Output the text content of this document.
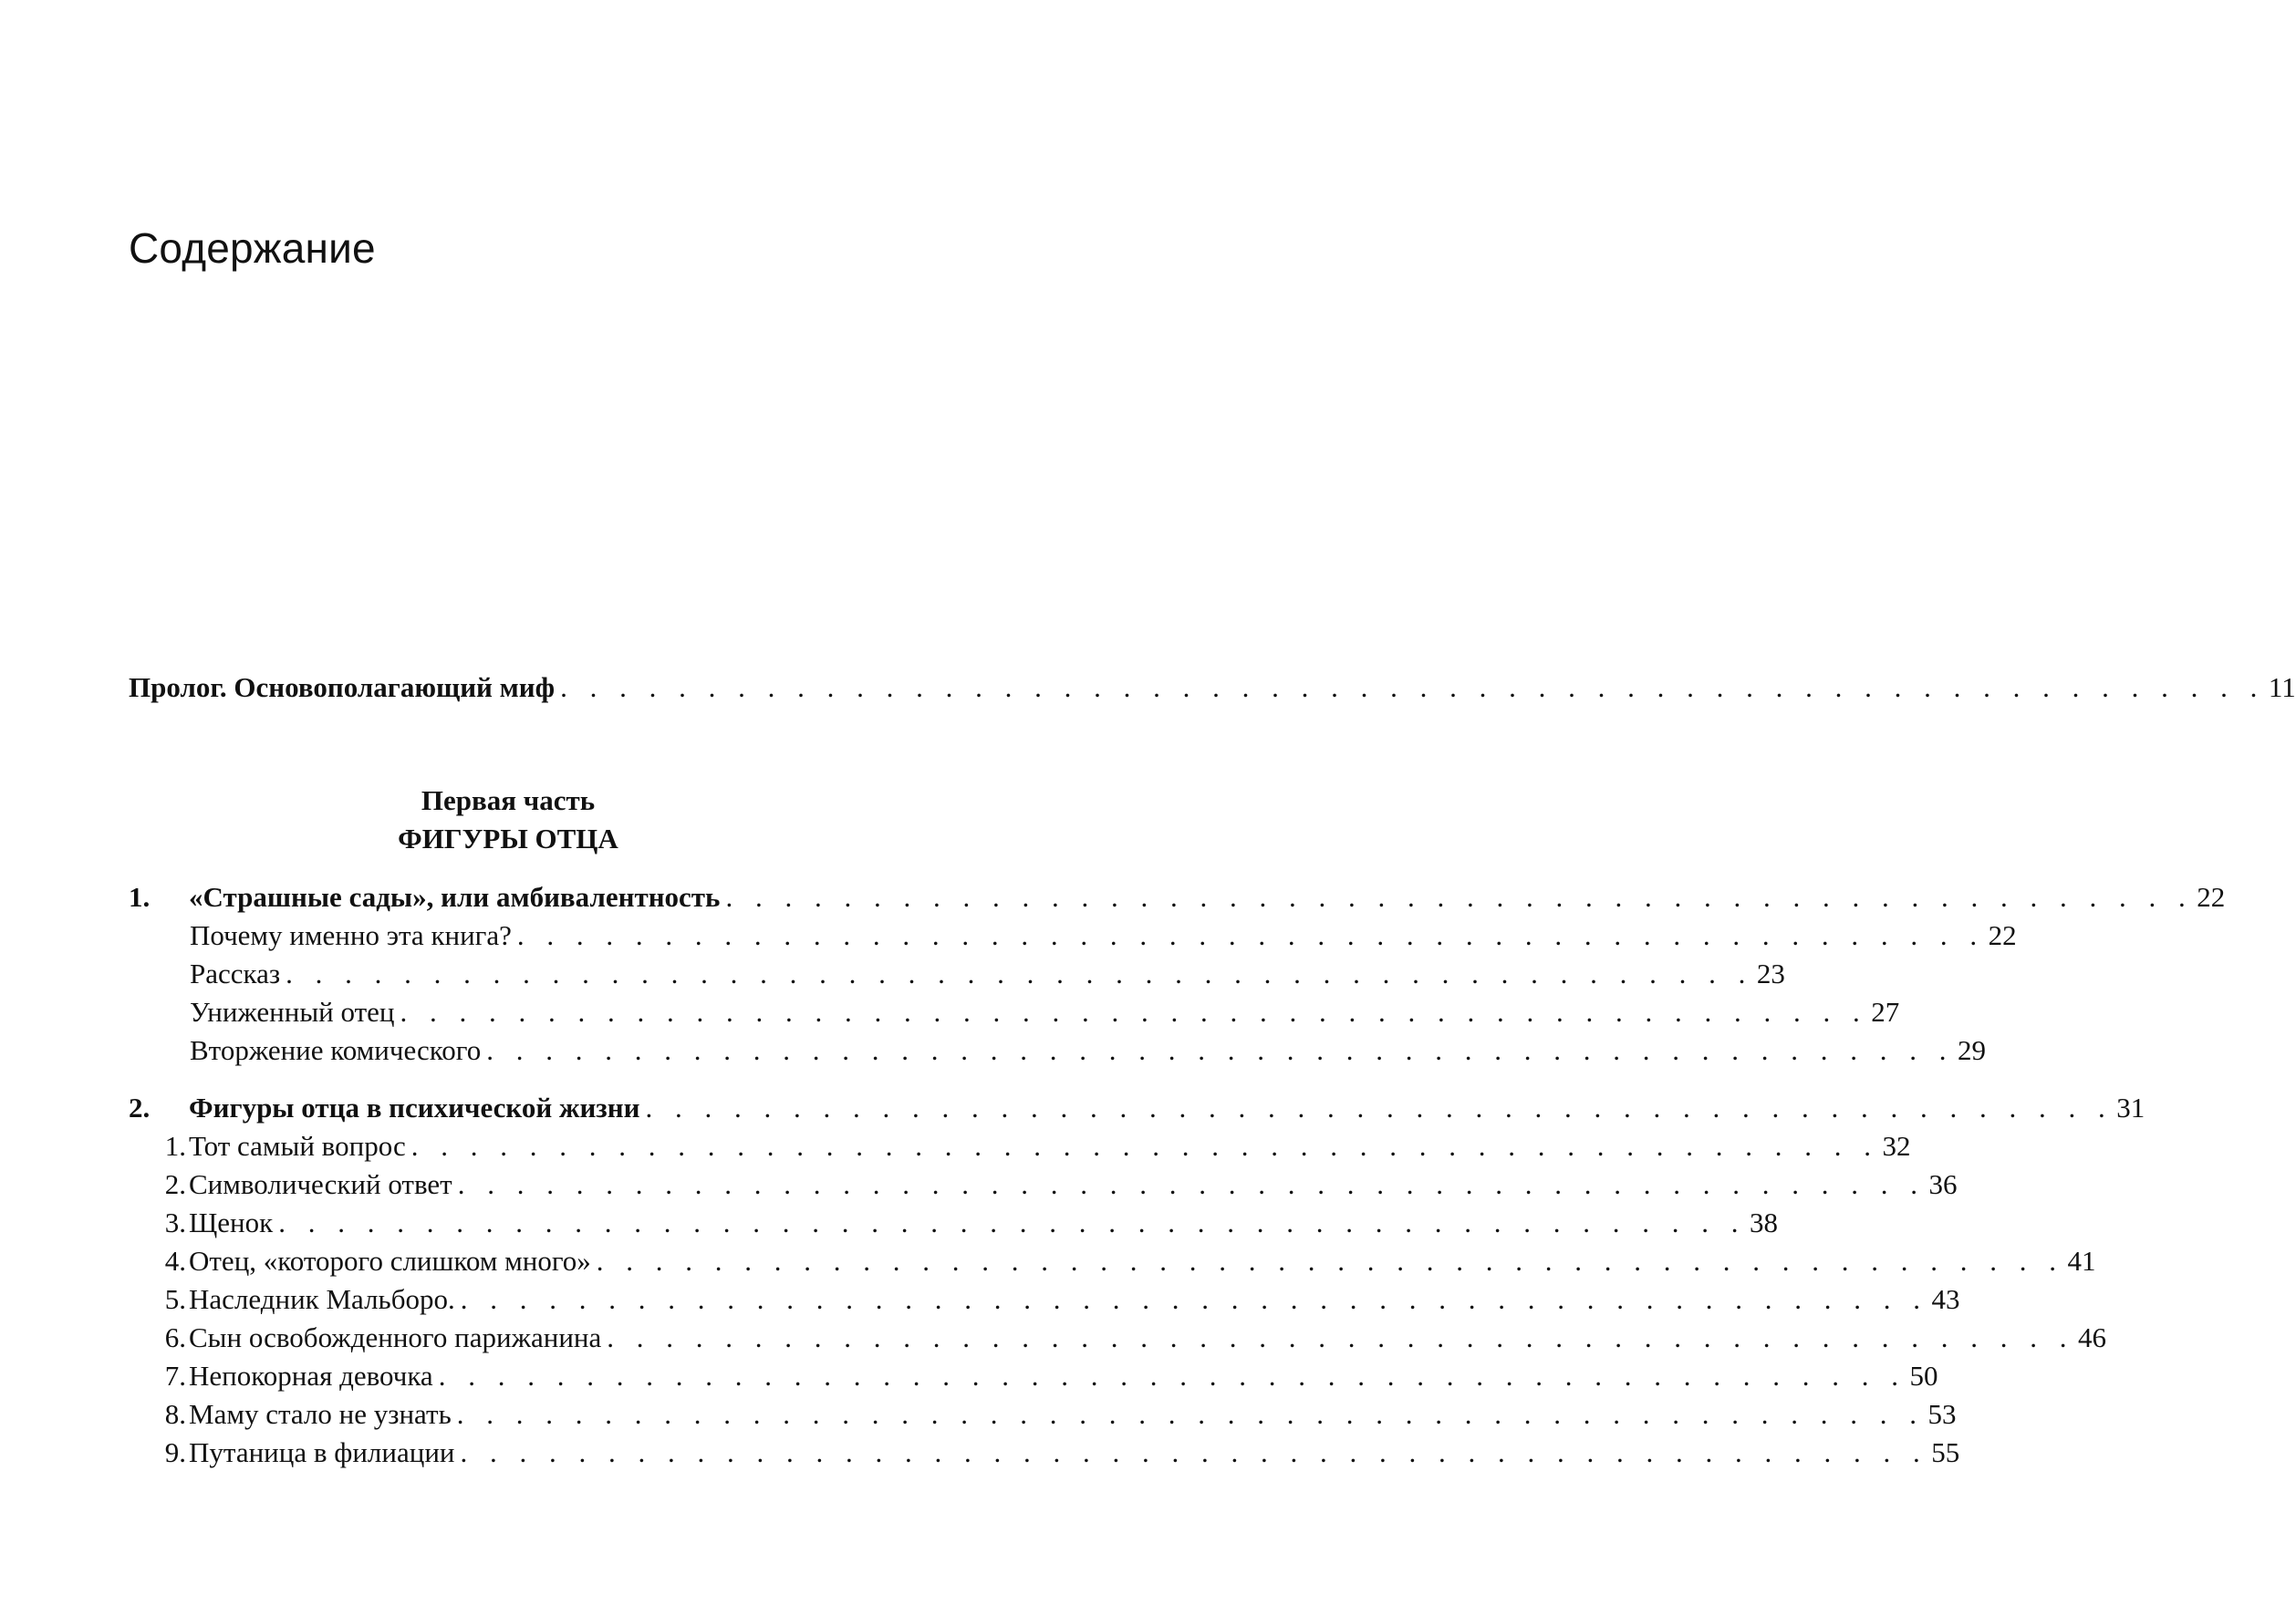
Содержание
Пролог. Основополагающий миф . . . . . . . . . . . . . . . . . . . . . . . . . . . . . . . . . . . . . . . . . . . . . . . . . . . . . . . . . . 11
Первая часть
ФИГУРЫ ОТЦА
1.	«Страшные сады», или амбивалентность . . . . . . . . . . . . . . . . . . . . . . . . . . . . . . . . . . . . . . . . . . . . . . . . . . 22
Почему именно эта книга? . . . . . . . . . . . . . . . . . . . . . . . . . . . . . . . . . . . . . . . . . . . . . . . . . . 22
Рассказ . . . . . . . . . . . . . . . . . . . . . . . . . . . . . . . . . . . . . . . . . . . . . . . . . . 23
Униженный отец . . . . . . . . . . . . . . . . . . . . . . . . . . . . . . . . . . . . . . . . . . . . . . . . . . 27
Вторжение комического . . . . . . . . . . . . . . . . . . . . . . . . . . . . . . . . . . . . . . . . . . . . . . . . . . 29
2.	Фигуры отца в психической жизни . . . . . . . . . . . . . . . . . . . . . . . . . . . . . . . . . . . . . . . . . . . . . . . . . . 31
1. Тот самый вопрос . . . . . . . . . . . . . . . . . . . . . . . . . . . . . . . . . . . . . . . . . . . . . . . . . . 32
2. Символический ответ . . . . . . . . . . . . . . . . . . . . . . . . . . . . . . . . . . . . . . . . . . . . . . . . . . 36
3. Щенок . . . . . . . . . . . . . . . . . . . . . . . . . . . . . . . . . . . . . . . . . . . . . . . . . . 38
4. Отец, «которого слишком много» . . . . . . . . . . . . . . . . . . . . . . . . . . . . . . . . . . . . . . . . . . . . . . . . . . 41
5. Наследник Мальборо. . . . . . . . . . . . . . . . . . . . . . . . . . . . . . . . . . . . . . . . . . . . . . . . . . . 43
6. Сын освобожденного парижанина . . . . . . . . . . . . . . . . . . . . . . . . . . . . . . . . . . . . . . . . . . . . . . . . . . 46
7. Непокорная девочка . . . . . . . . . . . . . . . . . . . . . . . . . . . . . . . . . . . . . . . . . . . . . . . . . . 50
8. Маму стало не узнать . . . . . . . . . . . . . . . . . . . . . . . . . . . . . . . . . . . . . . . . . . . . . . . . . . 53
9. Путаница в филиации . . . . . . . . . . . . . . . . . . . . . . . . . . . . . . . . . . . . . . . . . . . . . . . . . . 55
